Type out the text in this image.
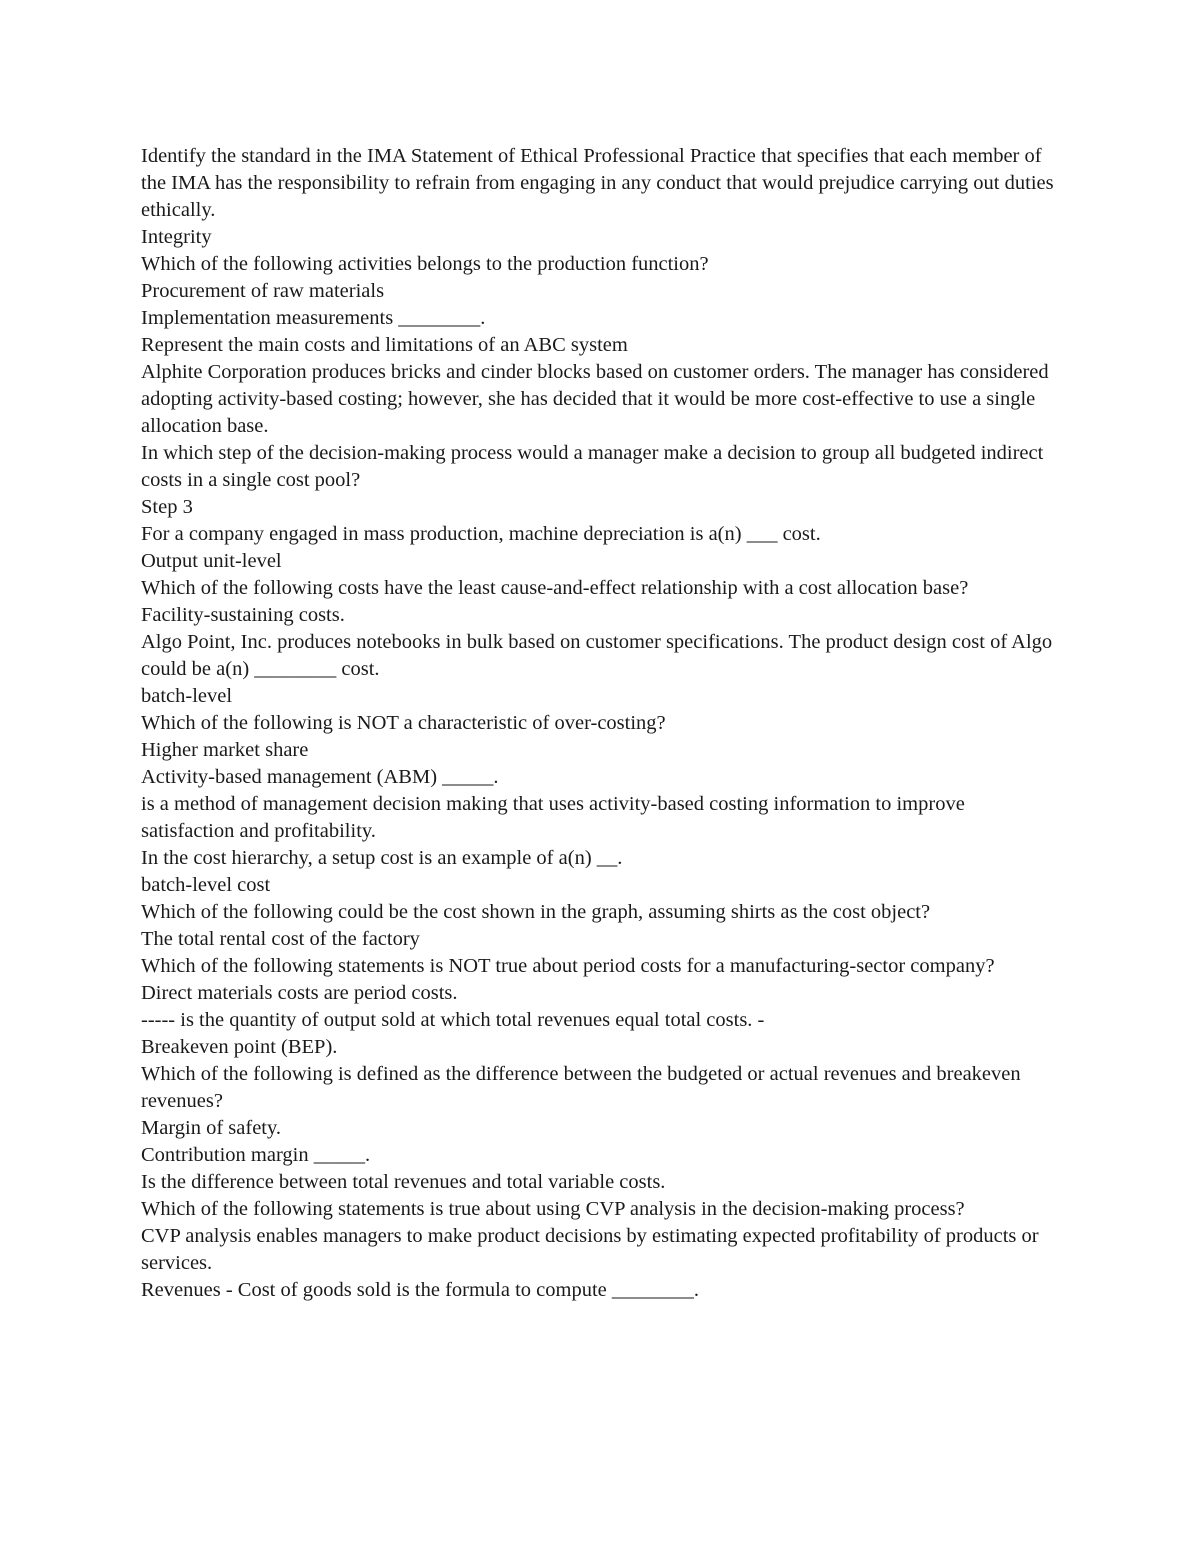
Identify the standard in the IMA Statement of Ethical Professional Practice that specifies that each member of the IMA has the responsibility to refrain from engaging in any conduct that would prejudice carrying out duties ethically.

Integrity

Which of the following activities belongs to the production function?

Procurement of raw materials

Implementation measurements ________.

Represent the main costs and limitations of an ABC system

Alphite Corporation produces bricks and cinder blocks based on customer orders. The manager has considered adopting activity-based costing; however, she has decided that it would be more cost-effective to use a single allocation base.

In which step of the decision-making process would a manager make a decision to group all budgeted indirect costs in a single cost pool?

Step 3

For a company engaged in mass production, machine depreciation is a(n) ___ cost.

Output unit-level

Which of the following costs have the least cause-and-effect relationship with a cost allocation base?

Facility-sustaining costs.

Algo Point, Inc. produces notebooks in bulk based on customer specifications. The product design cost of Algo could be a(n) ________ cost.

batch-level

Which of the following is NOT a characteristic of over-costing?

Higher market share

Activity-based management (ABM) _____.

is a method of management decision making that uses activity-based costing information to improve satisfaction and profitability.

In the cost hierarchy, a setup cost is an example of a(n) __.

batch-level cost

Which of the following could be the cost shown in the graph, assuming shirts as the cost object?

The total rental cost of the factory

Which of the following statements is NOT true about period costs for a manufacturing-sector company?

Direct materials costs are period costs.

----- is the quantity of output sold at which total revenues equal total costs. -

Breakeven point (BEP).

Which of the following is defined as the difference between the budgeted or actual revenues and breakeven revenues?

Margin of safety.

Contribution margin _____.

Is the difference between total revenues and total variable costs.

Which of the following statements is true about using CVP analysis in the decision-making process?

CVP analysis enables managers to make product decisions by estimating expected profitability of products or services.

Revenues - Cost of goods sold is the formula to compute ________.
